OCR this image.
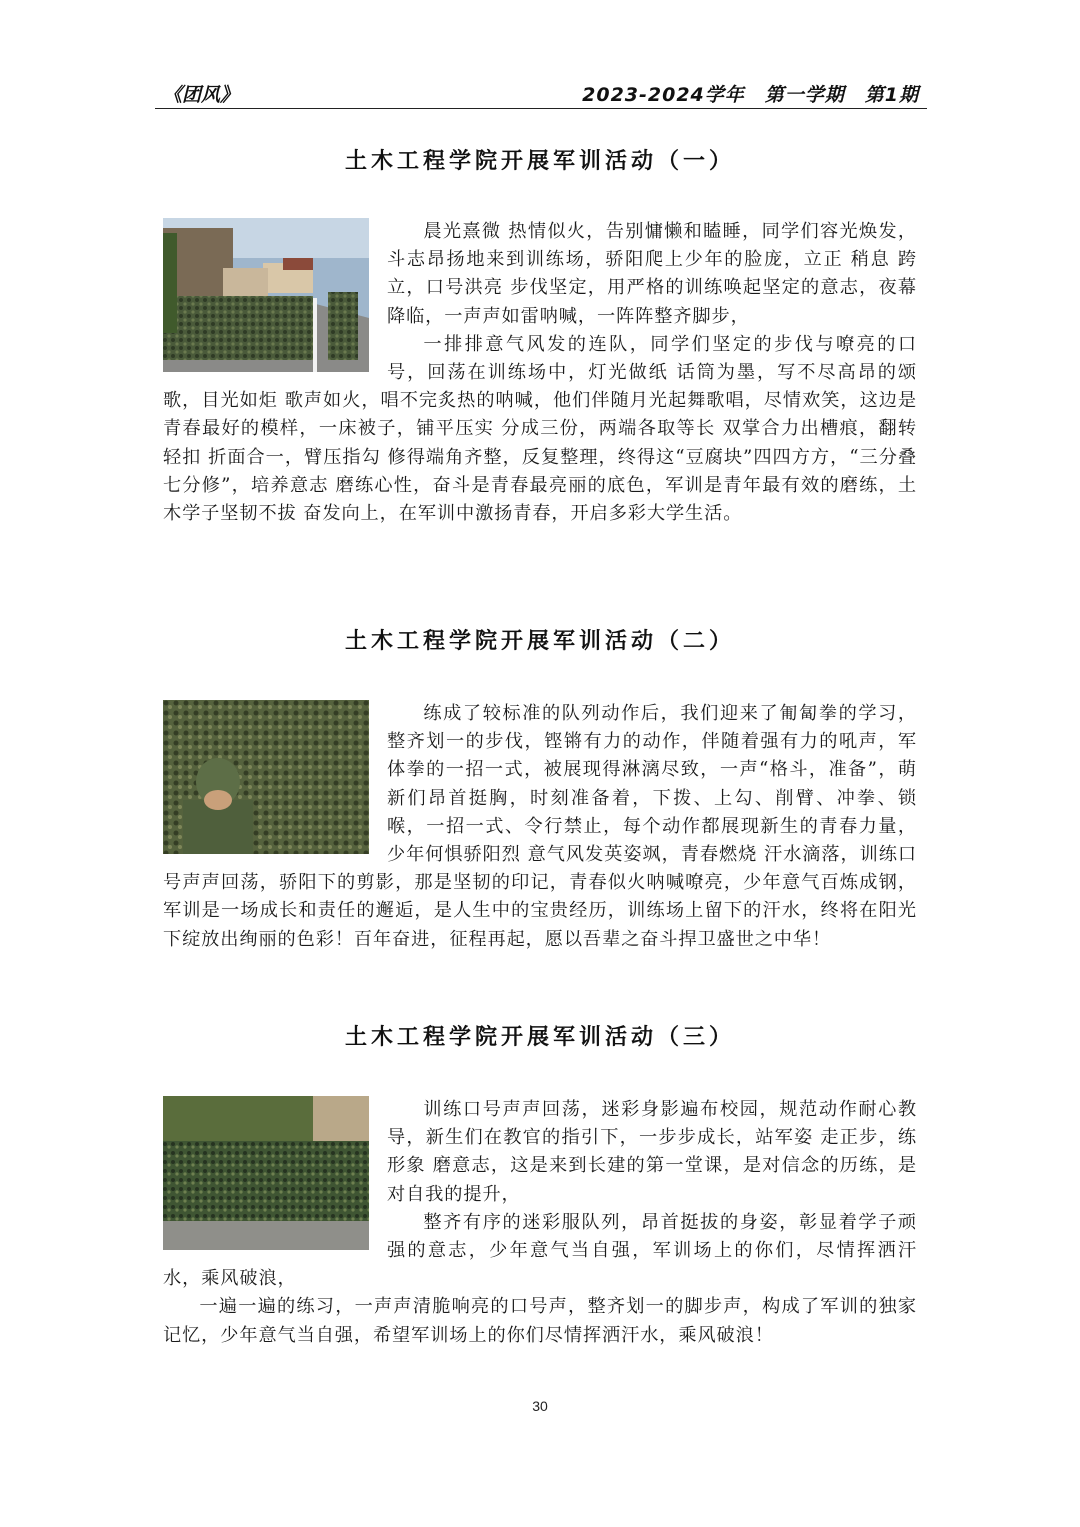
《团风》	2023-2024学年　第一学期　第1期
土木工程学院开展军训活动（一）

晨光熹微 热情似火，告别慵懒和瞌睡，同学们容光焕发，斗志昂扬地来到训练场，骄阳爬上少年的脸庞，立正 稍息 跨立，口号洪亮 步伐坚定，用严格的训练唤起坚定的意志，夜幕降临，一声声如雷呐喊，一阵阵整齐脚步，

一排排意气风发的连队，同学们坚定的步伐与嘹亮的口号，回荡在训练场中，灯光做纸 话筒为墨，写不尽高昂的颂歌，目光如炬 歌声如火，唱不完炙热的呐喊，他们伴随月光起舞歌唱，尽情欢笑，这边是青春最好的模样，一床被子，铺平压实 分成三份，两端各取等长 双掌合力出槽痕，翻转轻扣 折面合一，臂压指勾 修得端角齐整，反复整理，终得这“豆腐块”四四方方，“三分叠 七分修”，培养意志 磨练心性，奋斗是青春最亮丽的底色，军训是青年最有效的磨练，土木学子坚韧不拔 奋发向上，在军训中激扬青春，开启多彩大学生活。

土木工程学院开展军训活动（二）

练成了较标准的队列动作后，我们迎来了匍匐拳的学习，整齐划一的步伐，铿锵有力的动作，伴随着强有力的吼声，军体拳的一招一式，被展现得淋漓尽致，一声“格斗，准备”，萌新们昂首挺胸，时刻准备着，下拨、上勾、削臂、冲拳、锁喉，一招一式、令行禁止，每个动作都展现新生的青春力量，少年何惧骄阳烈 意气风发英姿飒，青春燃烧 汗水滴落，训练口号声声回荡，骄阳下的剪影，那是坚韧的印记，青春似火呐喊嘹亮，少年意气百炼成钢，军训是一场成长和责任的邂逅，是人生中的宝贵经历，训练场上留下的汗水，终将在阳光下绽放出绚丽的色彩！百年奋进，征程再起，愿以吾辈之奋斗捍卫盛世之中华！

土木工程学院开展军训活动（三）

训练口号声声回荡，迷彩身影遍布校园，规范动作耐心教导，新生们在教官的指引下，一步步成长，站军姿 走正步，练形象 磨意志，这是来到长建的第一堂课，是对信念的历练，是对自我的提升，

整齐有序的迷彩服队列，昂首挺拔的身姿，彰显着学子顽强的意志，少年意气当自强，军训场上的你们，尽情挥洒汗水，乘风破浪，

一遍一遍的练习，一声声清脆响亮的口号声，整齐划一的脚步声，构成了军训的独家记忆，少年意气当自强，希望军训场上的你们尽情挥洒汗水，乘风破浪！

30
